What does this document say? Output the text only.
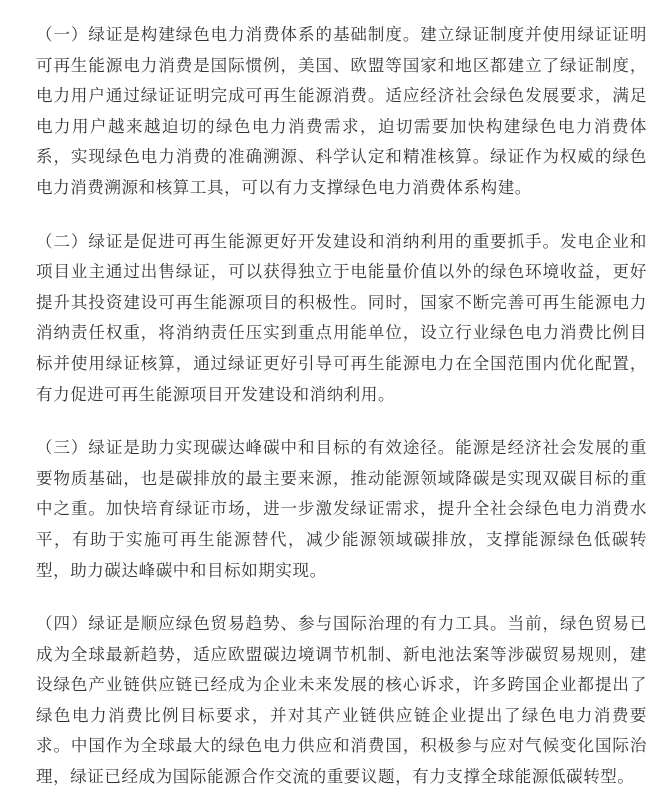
（一）绿证是构建绿色电力消费体系的基础制度。建立绿证制度并使用绿证证明可再生能源电力消费是国际惯例，美国、欧盟等国家和地区都建立了绿证制度，电力用户通过绿证证明完成可再生能源消费。适应经济社会绿色发展要求，满足电力用户越来越迫切的绿色电力消费需求，迫切需要加快构建绿色电力消费体系，实现绿色电力消费的准确溯源、科学认定和精准核算。绿证作为权威的绿色电力消费溯源和核算工具，可以有力支撑绿色电力消费体系构建。

（二）绿证是促进可再生能源更好开发建设和消纳利用的重要抓手。发电企业和项目业主通过出售绿证，可以获得独立于电能量价值以外的绿色环境收益，更好提升其投资建设可再生能源项目的积极性。同时，国家不断完善可再生能源电力消纳责任权重，将消纳责任压实到重点用能单位，设立行业绿色电力消费比例目标并使用绿证核算，通过绿证更好引导可再生能源电力在全国范围内优化配置，有力促进可再生能源项目开发建设和消纳利用。

（三）绿证是助力实现碳达峰碳中和目标的有效途径。能源是经济社会发展的重要物质基础，也是碳排放的最主要来源，推动能源领域降碳是实现双碳目标的重中之重。加快培育绿证市场，进一步激发绿证需求，提升全社会绿色电力消费水平，有助于实施可再生能源替代，减少能源领域碳排放，支撑能源绿色低碳转型，助力碳达峰碳中和目标如期实现。

（四）绿证是顺应绿色贸易趋势、参与国际治理的有力工具。当前，绿色贸易已成为全球最新趋势，适应欧盟碳边境调节机制、新电池法案等涉碳贸易规则，建设绿色产业链供应链已经成为企业未来发展的核心诉求，许多跨国企业都提出了绿色电力消费比例目标要求，并对其产业链供应链企业提出了绿色电力消费要求。中国作为全球最大的绿色电力供应和消费国，积极参与应对气候变化国际治理，绿证已经成为国际能源合作交流的重要议题，有力支撑全球能源低碳转型。
